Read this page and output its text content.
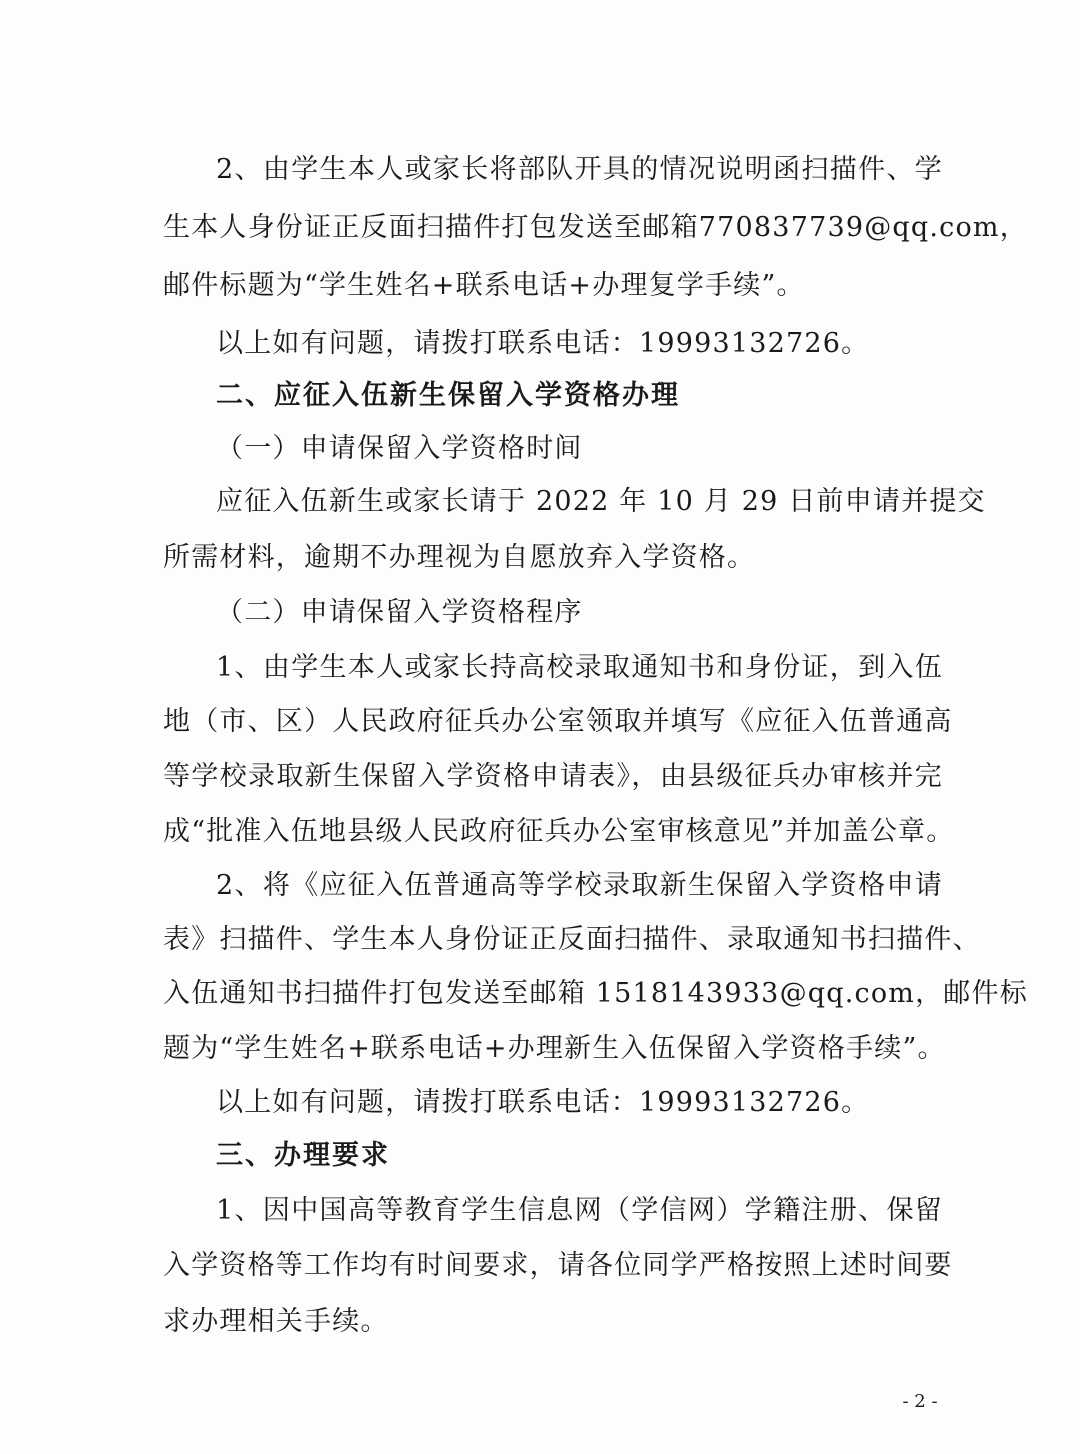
2、由学生本人或家长将部队开具的情况说明函扫描件、学
生本人身份证正反面扫描件打包发送至邮箱770837739@qq.com，
邮件标题为“学生姓名+联系电话+办理复学手续”。
以上如有问题，请拨打联系电话：19993132726。
二、应征入伍新生保留入学资格办理
（一）申请保留入学资格时间
应征入伍新生或家长请于 2022 年 10 月 29 日前申请并提交
所需材料，逾期不办理视为自愿放弃入学资格。
（二）申请保留入学资格程序
1、由学生本人或家长持高校录取通知书和身份证，到入伍
地（市、区）人民政府征兵办公室领取并填写《应征入伍普通高
等学校录取新生保留入学资格申请表》，由县级征兵办审核并完
成“批准入伍地县级人民政府征兵办公室审核意见”并加盖公章。
2、将《应征入伍普通高等学校录取新生保留入学资格申请
表》扫描件、学生本人身份证正反面扫描件、录取通知书扫描件、
入伍通知书扫描件打包发送至邮箱 1518143933@qq.com，邮件标
题为“学生姓名+联系电话+办理新生入伍保留入学资格手续”。
以上如有问题，请拨打联系电话：19993132726。
三、办理要求
1、因中国高等教育学生信息网（学信网）学籍注册、保留
入学资格等工作均有时间要求，请各位同学严格按照上述时间要
求办理相关手续。
- 2 -
